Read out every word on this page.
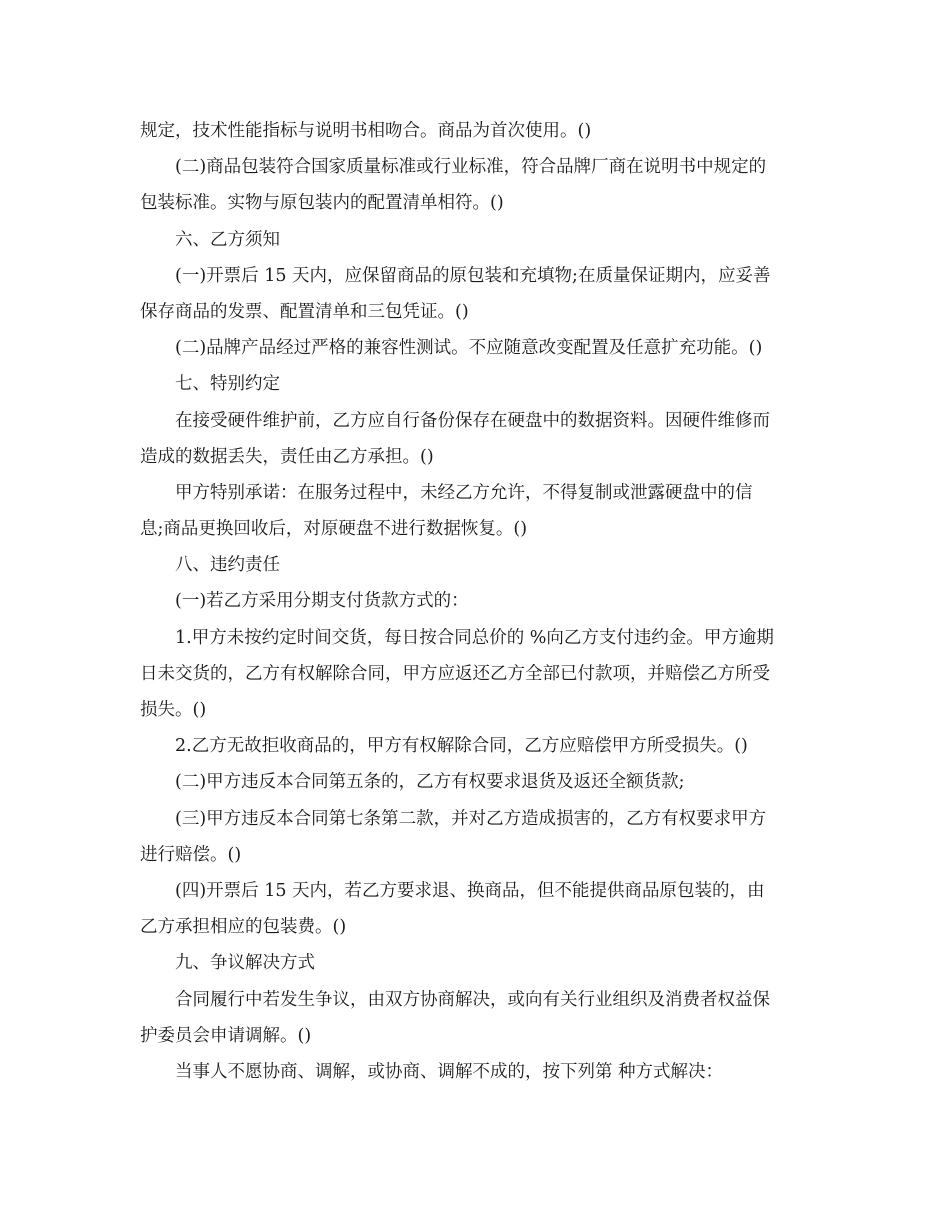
规定，技术性能指标与说明书相吻合。商品为首次使用。()
(二)商品包装符合国家质量标准或行业标准，符合品牌厂商在说明书中规定的
包装标准。实物与原包装内的配置清单相符。()
六、乙方须知
(一)开票后 15 天内，应保留商品的原包装和充填物;在质量保证期内，应妥善
保存商品的发票、配置清单和三包凭证。()
(二)品牌产品经过严格的兼容性测试。不应随意改变配置及任意扩充功能。()
七、特别约定
在接受硬件维护前，乙方应自行备份保存在硬盘中的数据资料。因硬件维修而
造成的数据丢失，责任由乙方承担。()
甲方特别承诺：在服务过程中，未经乙方允许，不得复制或泄露硬盘中的信
息;商品更换回收后，对原硬盘不进行数据恢复。()
八、违约责任
(一)若乙方采用分期支付货款方式的：
1.甲方未按约定时间交货，每日按合同总价的 %向乙方支付违约金。甲方逾期
日未交货的，乙方有权解除合同，甲方应返还乙方全部已付款项，并赔偿乙方所受
损失。()
2.乙方无故拒收商品的，甲方有权解除合同，乙方应赔偿甲方所受损失。()
(二)甲方违反本合同第五条的，乙方有权要求退货及返还全额货款;
(三)甲方违反本合同第七条第二款，并对乙方造成损害的，乙方有权要求甲方
进行赔偿。()
(四)开票后 15 天内，若乙方要求退、换商品，但不能提供商品原包装的，由
乙方承担相应的包装费。()
九、争议解决方式
合同履行中若发生争议，由双方协商解决，或向有关行业组织及消费者权益保
护委员会申请调解。()
当事人不愿协商、调解，或协商、调解不成的，按下列第 种方式解决：
